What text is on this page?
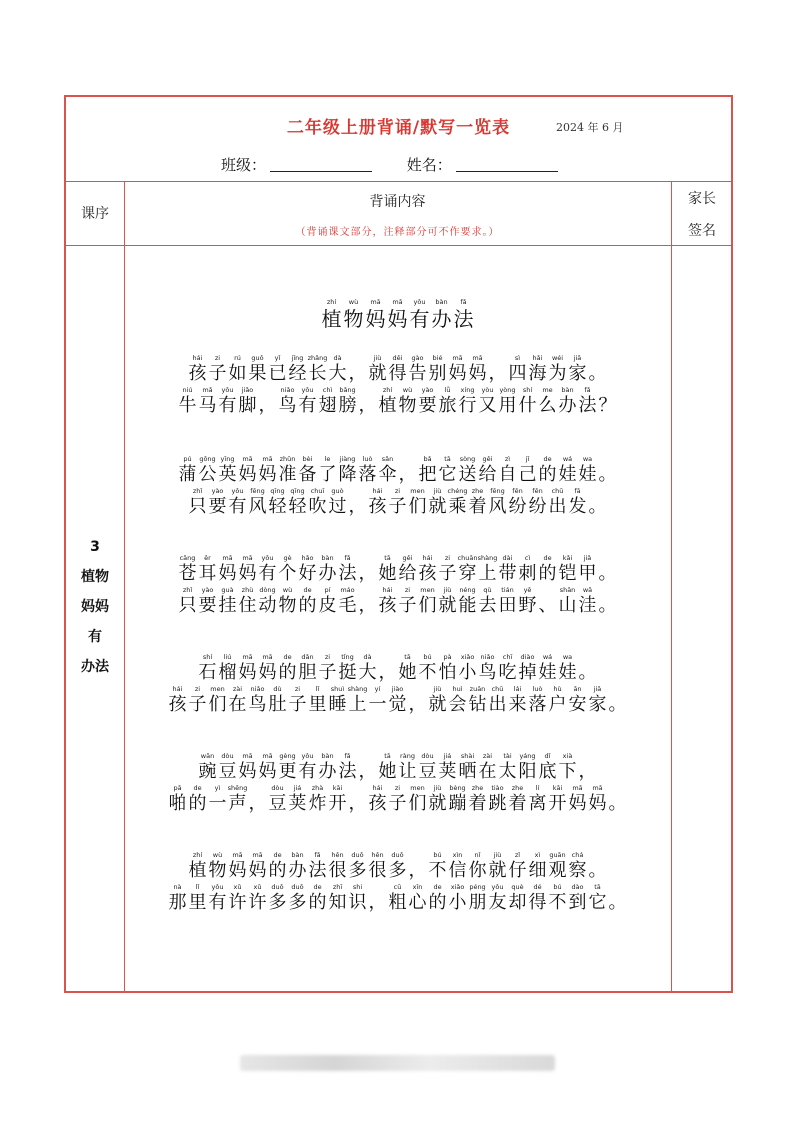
二年级上册背诵/默写一览表	2024 年 6 月
班级：	姓名：
课序
背诵内容
（背诵课文部分，注释部分可不作要求。）
家长
签名
3
植物
妈妈
有
办法
zhí
植
wù
物
mā
妈
mā
妈
yǒu
有
bàn
办
fǎ
法
hái
孩
zi
子
rú
如
guǒ
果
yǐ
已
jīng
经
zhǎng
长
dà
大 ，
jiù
就
děi
得
gào
告
bié
别
mā
妈
mā
妈 ，
sì
四
hǎi
海
wéi
为
jiā
家 。
niú
牛
mǎ
马
yǒu
有
jiǎo
脚 ，
niǎo
鸟
yǒu
有
chì
翅
bǎng
膀 ，
zhí
植
wù
物
yào
要
lǚ
旅
xíng
行
yòu
又
yòng
用
shí
什
me
么
bàn
办
fǎ
法 ？
pú
蒲
gōng
公
yīng
英
mā
妈
mā
妈
zhǔn
准
bèi
备
le
了
jiàng
降
luò
落
sǎn
伞 ，
bǎ
把
tā
它
sòng
送
gěi
给
zì
自
jǐ
己
de
的
wá
娃
wa
娃 。
zhǐ
只
yào
要
yǒu
有
fēng
风
qīng
轻
qīng
轻
chuī
吹
guò
过 ，
hái
孩
zi
子
men
们
jiù
就
chéng
乘
zhe
着
fēng
风
fēn
纷
fēn
纷
chū
出
fā
发 。
cāng
苍
ěr
耳
mā
妈
mā
妈
yǒu
有
gè
个
hǎo
好
bàn
办
fǎ
法 ，
tā
她
gěi
给
hái
孩
zi
子
chuān
穿
shàng
上
dài
带
cì
刺
de
的
kǎi
铠
jiǎ
甲 。
zhǐ
只
yào
要
guà
挂
zhù
住
dòng
动
wù
物
de
的
pí
皮
máo
毛 ，
hái
孩
zi
子
men
们
jiù
就
néng
能
qù
去
tián
田
yě
野 、
shān
山
wā
洼 。
shí
石
liú
榴
mā
妈
mā
妈
de
的
dǎn
胆
zi
子
tǐng
挺
dà
大 ，
tā
她
bú
不
pà
怕
xiǎo
小
niǎo
鸟
chī
吃
diào
掉
wá
娃
wa
娃 。
hái
孩
zi
子
men
们
zài
在
niǎo
鸟
dù
肚
zi
子
lǐ
里
shuì
睡
shàng
上
yí
一
jiào
觉 ，
jiù
就
huì
会
zuān
钻
chū
出
lái
来
luò
落
hù
户
ān
安
jiā
家 。
wān
豌
dòu
豆
mā
妈
mā
妈
gèng
更
yǒu
有
bàn
办
fǎ
法 ，
tā
她
ràng
让
dòu
豆
jiá
荚
shài
晒
zài
在
tài
太
yáng
阳
dǐ
底
xià
下 ，
pā
啪
de
的
yì
一
shēng
声 ，
dòu
豆
jiá
荚
zhà
炸
kāi
开 ，
hái
孩
zi
子
men
们
jiù
就
bèng
蹦
zhe
着
tiào
跳
zhe
着
lí
离
kāi
开
mā
妈
mā
妈 。
zhí
植
wù
物
mā
妈
mā
妈
de
的
bàn
办
fǎ
法
hěn
很
duō
多
hěn
很
duō
多 ，
bú
不
xìn
信
nǐ
你
jiù
就
zǐ
仔
xì
细
guān
观
chá
察 。
nà
那
lǐ
里
yǒu
有
xǔ
许
xǔ
许
duō
多
duō
多
de
的
zhī
知
shi
识 ，
cū
粗
xīn
心
de
的
xiǎo
小
péng
朋
yǒu
友
què
却
dé
得
bú
不
dào
到
tā
它 。
